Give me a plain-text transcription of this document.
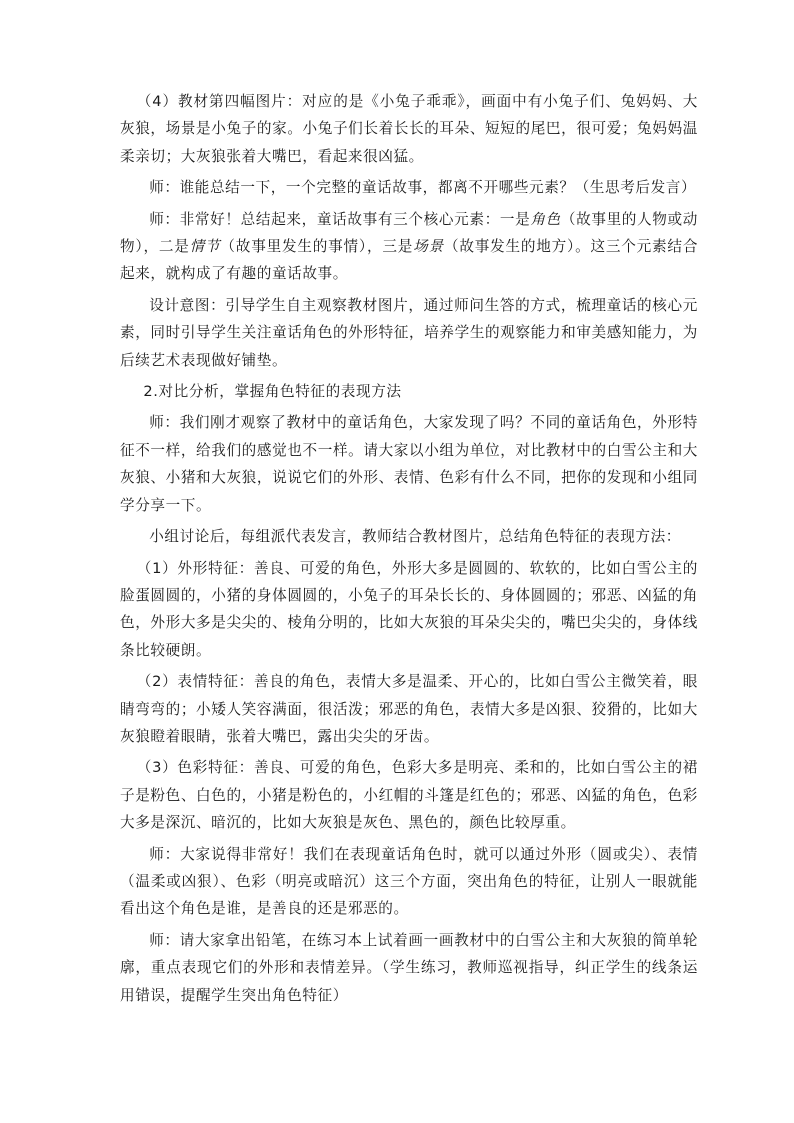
（4）教材第四幅图片：对应的是《小兔子乖乖》，画面中有小兔子们、兔妈妈、大灰狼，场景是小兔子的家。小兔子们长着长长的耳朵、短短的尾巴，很可爱；兔妈妈温柔亲切；大灰狼张着大嘴巴，看起来很凶猛。

师：谁能总结一下，一个完整的童话故事，都离不开哪些元素？（生思考后发言）

师：非常好！总结起来，童话故事有三个核心元素：一是角色（故事里的人物或动物），二是情节（故事里发生的事情），三是场景（故事发生的地方）。这三个元素结合起来，就构成了有趣的童话故事。

设计意图：引导学生自主观察教材图片，通过师问生答的方式，梳理童话的核心元素，同时引导学生关注童话角色的外形特征，培养学生的观察能力和审美感知能力，为后续艺术表现做好铺垫。

2.对比分析，掌握角色特征的表现方法

师：我们刚才观察了教材中的童话角色，大家发现了吗？不同的童话角色，外形特征不一样，给我们的感觉也不一样。请大家以小组为单位，对比教材中的白雪公主和大灰狼、小猪和大灰狼，说说它们的外形、表情、色彩有什么不同，把你的发现和小组同学分享一下。

小组讨论后，每组派代表发言，教师结合教材图片，总结角色特征的表现方法：

（1）外形特征：善良、可爱的角色，外形大多是圆圆的、软软的，比如白雪公主的脸蛋圆圆的，小猪的身体圆圆的，小兔子的耳朵长长的、身体圆圆的；邪恶、凶猛的角色，外形大多是尖尖的、棱角分明的，比如大灰狼的耳朵尖尖的，嘴巴尖尖的，身体线条比较硬朗。

（2）表情特征：善良的角色，表情大多是温柔、开心的，比如白雪公主微笑着，眼睛弯弯的；小矮人笑容满面，很活泼；邪恶的角色，表情大多是凶狠、狡猾的，比如大灰狼瞪着眼睛，张着大嘴巴，露出尖尖的牙齿。

（3）色彩特征：善良、可爱的角色，色彩大多是明亮、柔和的，比如白雪公主的裙子是粉色、白色的，小猪是粉色的，小红帽的斗篷是红色的；邪恶、凶猛的角色，色彩大多是深沉、暗沉的，比如大灰狼是灰色、黑色的，颜色比较厚重。

师：大家说得非常好！我们在表现童话角色时，就可以通过外形（圆或尖）、表情（温柔或凶狠）、色彩（明亮或暗沉）这三个方面，突出角色的特征，让别人一眼就能看出这个角色是谁，是善良的还是邪恶的。

师：请大家拿出铅笔，在练习本上试着画一画教材中的白雪公主和大灰狼的简单轮廓，重点表现它们的外形和表情差异。（学生练习，教师巡视指导，纠正学生的线条运用错误，提醒学生突出角色特征）
